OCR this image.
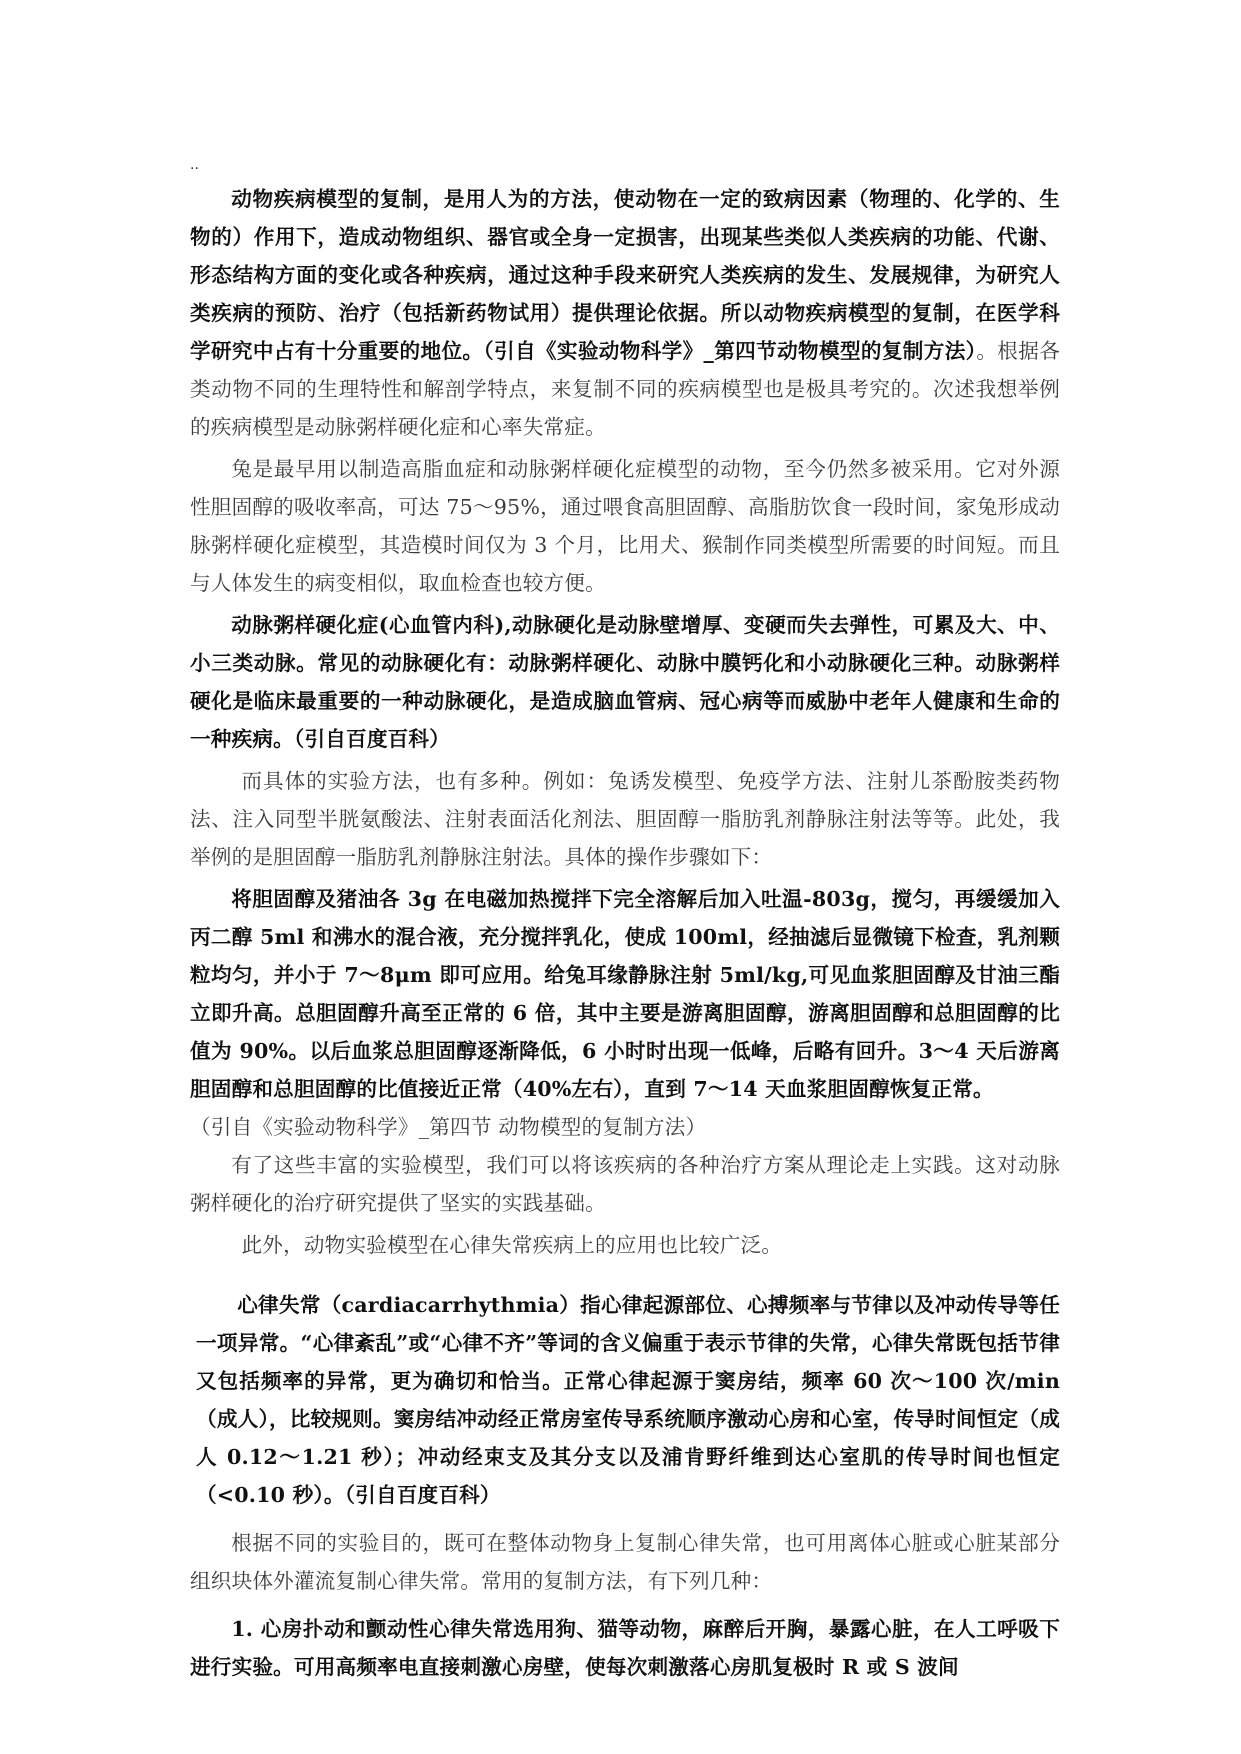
..

动物疾病模型的复制，是用人为的方法，使动物在一定的致病因素（物理的、化学的、生物的）作用下，造成动物组织、器官或全身一定损害，出现某些类似人类疾病的功能、代谢、形态结构方面的变化或各种疾病，通过这种手段来研究人类疾病的发生、发展规律，为研究人类疾病的预防、治疗（包括新药物试用）提供理论依据。所以动物疾病模型的复制，在医学科学研究中占有十分重要的地位。（引自《实验动物科学》_第四节动物模型的复制方法）。根据各类动物不同的生理特性和解剖学特点，来复制不同的疾病模型也是极具考究的。次述我想举例的疾病模型是动脉粥样硬化症和心率失常症。

兔是最早用以制造高脂血症和动脉粥样硬化症模型的动物，至今仍然多被采用。它对外源性胆固醇的吸收率高，可达 75～95%，通过喂食高胆固醇、高脂肪饮食一段时间，家兔形成动脉粥样硬化症模型，其造模时间仅为 3 个月，比用犬、猴制作同类模型所需要的时间短。而且与人体发生的病变相似，取血检查也较方便。

动脉粥样硬化症(心血管内科),动脉硬化是动脉壁增厚、变硬而失去弹性，可累及大、中、小三类动脉。常见的动脉硬化有：动脉粥样硬化、动脉中膜钙化和小动脉硬化三种。动脉粥样硬化是临床最重要的一种动脉硬化，是造成脑血管病、冠心病等而威胁中老年人健康和生命的一种疾病。（引自百度百科）

而具体的实验方法，也有多种。例如：兔诱发模型、免疫学方法、注射儿茶酚胺类药物法、注入同型半胱氨酸法、注射表面活化剂法、胆固醇一脂肪乳剂静脉注射法等等。此处，我举例的是胆固醇一脂肪乳剂静脉注射法。具体的操作步骤如下：

将胆固醇及猪油各 3g 在电磁加热搅拌下完全溶解后加入吐温-803g，搅匀，再缓缓加入丙二醇 5ml 和沸水的混合液，充分搅拌乳化，使成 100ml，经抽滤后显微镜下检查，乳剂颗粒均匀，并小于 7～8μm 即可应用。给兔耳缘静脉注射 5ml/kg,可见血浆胆固醇及甘油三酯立即升高。总胆固醇升高至正常的 6 倍，其中主要是游离胆固醇，游离胆固醇和总胆固醇的比值为 90%。以后血浆总胆固醇逐渐降低，6 小时时出现一低峰，后略有回升。3～4 天后游离胆固醇和总胆固醇的比值接近正常（40%左右），直到 7～14 天血浆胆固醇恢复正常。

（引自《实验动物科学》_第四节 动物模型的复制方法）

有了这些丰富的实验模型，我们可以将该疾病的各种治疗方案从理论走上实践。这对动脉粥样硬化的治疗研究提供了坚实的实践基础。

此外，动物实验模型在心律失常疾病上的应用也比较广泛。

心律失常（cardiacarrhythmia）指心律起源部位、心搏频率与节律以及冲动传导等任一项异常。“心律紊乱”或“心律不齐”等词的含义偏重于表示节律的失常，心律失常既包括节律又包括频率的异常，更为确切和恰当。正常心律起源于窦房结，频率 60 次～100 次/min（成人），比较规则。窦房结冲动经正常房室传导系统顺序激动心房和心室，传导时间恒定（成人 0.12～1.21 秒）；冲动经束支及其分支以及浦肯野纤维到达心室肌的传导时间也恒定（<0.10 秒）。（引自百度百科）

根据不同的实验目的，既可在整体动物身上复制心律失常，也可用离体心脏或心脏某部分组织块体外灌流复制心律失常。常用的复制方法，有下列几种：

1. 心房扑动和颤动性心律失常选用狗、猫等动物，麻醉后开胸，暴露心脏，在人工呼吸下进行实验。可用高频率电直接刺激心房壁，使每次刺激落心房肌复极时 R 或 S 波间
